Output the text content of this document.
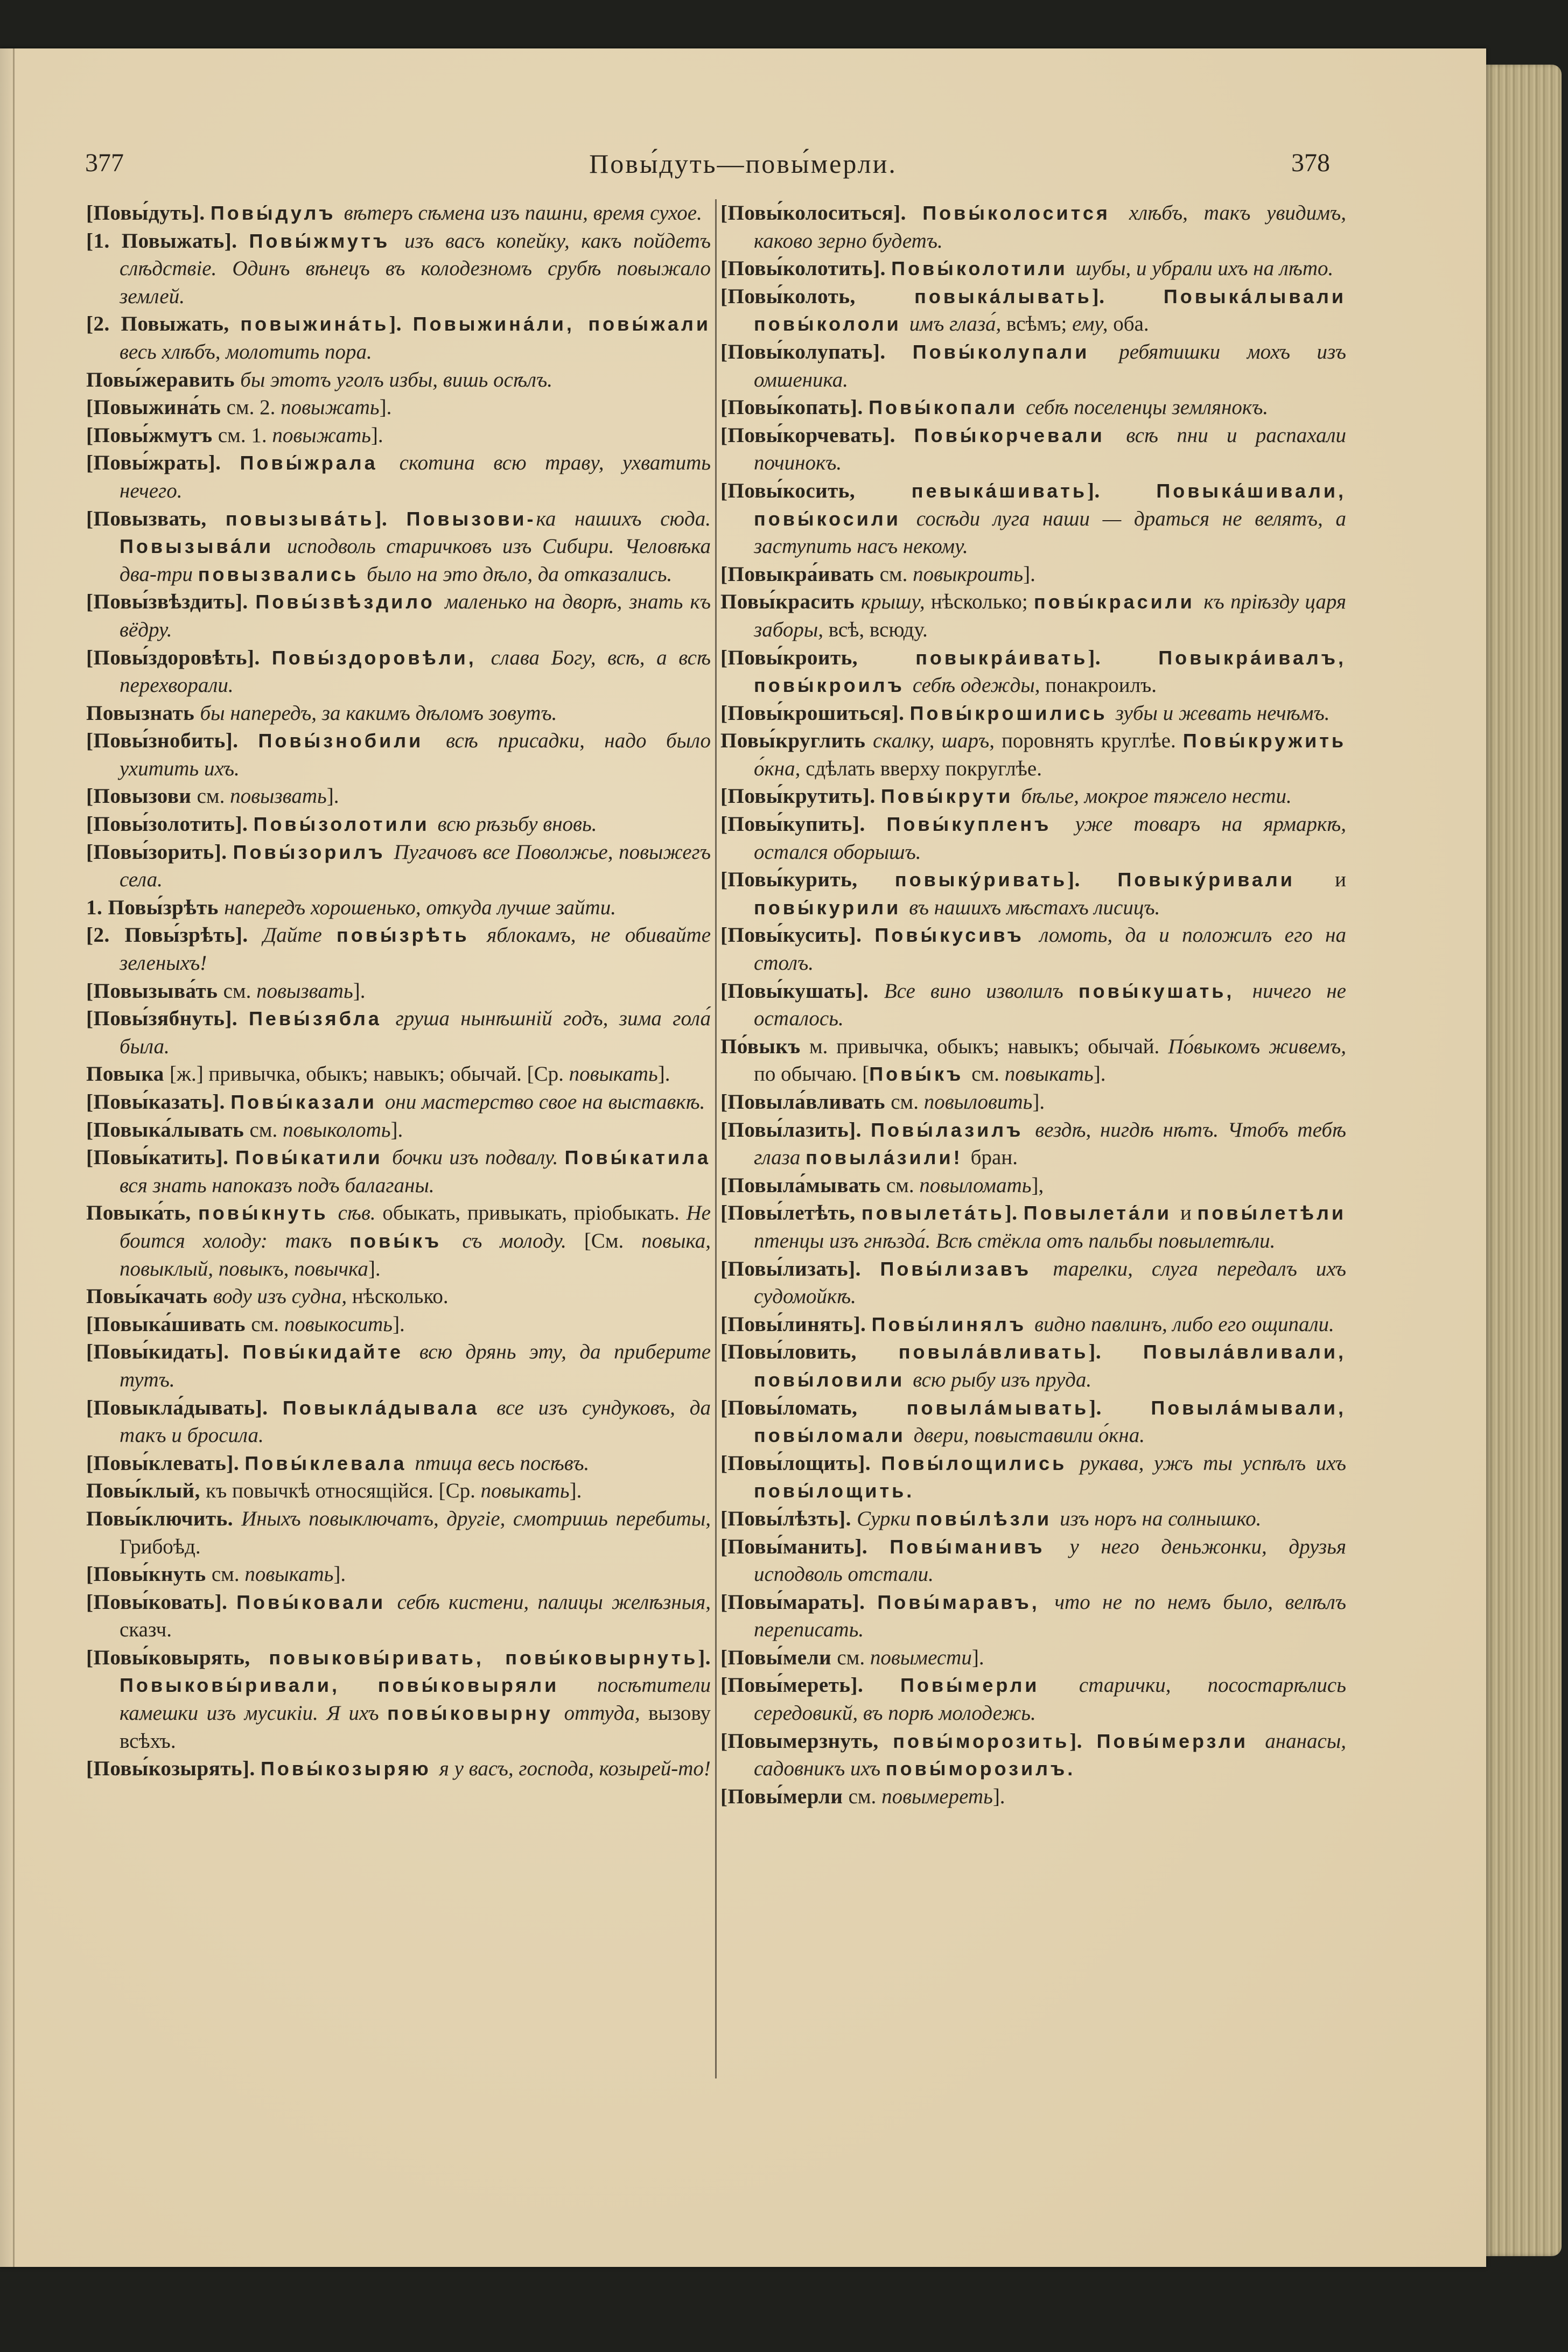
377	Повы́дуть—повы́мерли.	378

[Повы́дуть]. Повы́дулъ вѣтеръ сѣмена изъ пашни, время сухое.

[1. Повыжать]. Повы́жмутъ изъ васъ копейку, какъ пойдетъ слѣдствіе. Одинъ вѣнецъ въ колодезномъ срубѣ повыжало землей.

[2. Повыжать, повыжина́ть]. Повыжина́ли, повы́жали весь хлѣбъ, молотить пора.

Повы́жеравить бы этотъ уголъ избы, вишь осѣлъ.

[Повыжина́ть см. 2. повыжать].

[Повы́жмутъ см. 1. повыжать].

[Повы́жрать]. Повы́жрала скотина всю траву, ухватить нечего.

[Повызвать, повызыва́ть]. Повызови-ка нашихъ сюда. Повызыва́ли исподволь старичковъ изъ Сибири. Человѣка два-три повызвались было на это дѣло, да отказались.

[Повы́звѣздить]. Повы́звѣздило маленько на дворѣ, знать къ вёдру.

[Повы́здоровѣть]. Повы́здоровѣли, слава Богу, всѣ, а всѣ перехворали.

Повызнать бы напередъ, за какимъ дѣломъ зовутъ.

[Повы́знобить]. Повы́знобили всѣ присадки, надо было ухитить ихъ.

[Повызови см. повызвать].

[Повы́золотить]. Повы́золотили всю рѣзьбу вновь.

[Повы́зорить]. Повы́зорилъ Пугачовъ все Поволжье, повыжегъ села.

1. Повы́зрѣть напередъ хорошенько, откуда лучше зайти.

[2. Повы́зрѣть]. Дайте повы́зрѣть яблокамъ, не обивайте зеленыхъ!

[Повызыва́ть см. повызвать].

[Повы́зябнуть]. Певы́зябла груша нынѣшній годъ, зима гола́ была.

Повыка [ж.] привычка, обыкъ; навыкъ; обычай. [Ср. повыкать].

[Повы́казать]. Повы́казали они мастерство свое на выставкѣ.

[Повыка́лывать см. повыколоть].

[Повы́катить]. Повы́катили бочки изъ подвалу. Повы́катила вся знать напоказъ подъ балаганы.

Повыка́ть, повы́кнуть сѣв. обыкать, привыкать, пріобыкать. Не боится холоду: такъ повы́къ съ молоду. [См. повыка, повыклый, повыкъ, повычка].

Повы́качать воду изъ судна, нѣсколько.

[Повыка́шивать см. повыкосить].

[Повы́кидать]. Повы́кидайте всю дрянь эту, да приберите тутъ.

[Повыкла́дывать]. Повыкла́дывала все изъ сундуковъ, да такъ и бросила.

[Повы́клевать]. Повы́клевала птица весь посѣвъ.

Повы́клый, къ повычкѣ относящійся. [Ср. повыкать].

Повы́ключить. Иныхъ повыключатъ, другіе, смотришь перебиты, Грибоѣд.

[Повы́кнуть см. повыкать].

[Повы́ковать]. Повы́ковали себѣ кистени, палицы желѣзныя, сказч.

[Повы́ковырять, повыковы́ривать, повы́ковырнуть]. Повыковы́ривали, повы́ковыряли посѣтители камешки изъ мусикіи. Я ихъ повы́ковырну оттуда, вызову всѣхъ.

[Повы́козырять]. Повы́козыряю я у васъ, господа, козырей-то!

[Повы́колоситься]. Повы́колосится хлѣбъ, такъ увидимъ, каково зерно будетъ.

[Повы́колотить]. Повы́колотили шубы, и убрали ихъ на лѣто.

[Повы́колоть, повыка́лывать]. Повыка́лывали повы́кололи имъ глаза́, всѣмъ; ему, оба.

[Повы́колупать]. Повы́колупали ребятишки мохъ изъ омшеника.

[Повы́копать]. Повы́копали себѣ поселенцы землянокъ.

[Повы́корчевать]. Повы́корчевали всѣ пни и распахали починокъ.

[Повы́косить, певыка́шивать]. Повыка́шивали, повы́косили сосѣди луга наши — драться не велятъ, а заступить насъ некому.

[Повыкра́ивать см. повыкроить].

Повы́красить крышу, нѣсколько; повы́красили къ пріѣзду царя заборы, всѣ, всюду.

[Повы́кроить, повыкра́ивать]. Повыкра́ивалъ, повы́кроилъ себѣ одежды, понакроилъ.

[Повы́крошиться]. Повы́крошились зубы и жевать нечѣмъ.

Повы́круглить скалку, шаръ, поровнять круглѣе. Повы́кружить о́кна, сдѣлать вверху покруглѣе.

[Повы́крутить]. Повы́крути бѣлье, мокрое тяжело нести.

[Повы́купить]. Повы́купленъ уже товаръ на ярмаркѣ, остался оборышъ.

[Повы́курить, повыку́ривать]. Повыку́ривали и повы́курили въ нашихъ мѣстахъ лисицъ.

[Повы́кусить]. Повы́кусивъ ломоть, да и положилъ его на столъ.

[Повы́кушать]. Все вино изволилъ повы́кушать, ничего не осталось.

По́выкъ м. привычка, обыкъ; навыкъ; обычай. По́выкомъ живемъ, по обычаю. [Повы́къ см. повыкать].

[Повыла́вливать см. повыловить].

[Повы́лазить]. Повы́лазилъ вездѣ, нигдѣ нѣтъ. Чтобъ тебѣ глаза повыла́зили! бран.

[Повыла́мывать см. повыломать],

[Повы́летѣть, повылета́ть]. Повылета́ли и повы́летѣли птенцы изъ гнѣзда́. Всѣ стёкла отъ пальбы повылетѣли.

[Повы́лизать]. Повы́лизавъ тарелки, слуга передалъ ихъ судомойкѣ.

[Повы́линять]. Повы́линялъ видно павлинъ, либо его ощипали.

[Повы́ловить, повыла́вливать]. Повыла́вливали, повы́ловили всю рыбу изъ пруда.

[Повы́ломать, повыла́мывать]. Повыла́мывали, повы́ломали двери, повыставили о́кна.

[Повы́лощить]. Повы́лощились рукава, ужъ ты успѣлъ ихъ повы́лощить.

[Повы́лѣзть]. Сурки повы́лѣзли изъ норъ на солнышко.

[Повы́манить]. Повы́манивъ у него деньжонки, друзья исподволь отстали.

[Повы́марать]. Повы́маравъ, что не по немъ было, велѣлъ переписать.

[Повы́мели см. повымести].

[Повы́мереть]. Повы́мерли старички, посостарѣлись середовикй, въ порѣ молодежь.

[Повымерзнуть, повы́морозить]. Повы́мерзли ананасы, садовникъ ихъ повы́морозилъ.

[Повы́мерли см. повымереть].
